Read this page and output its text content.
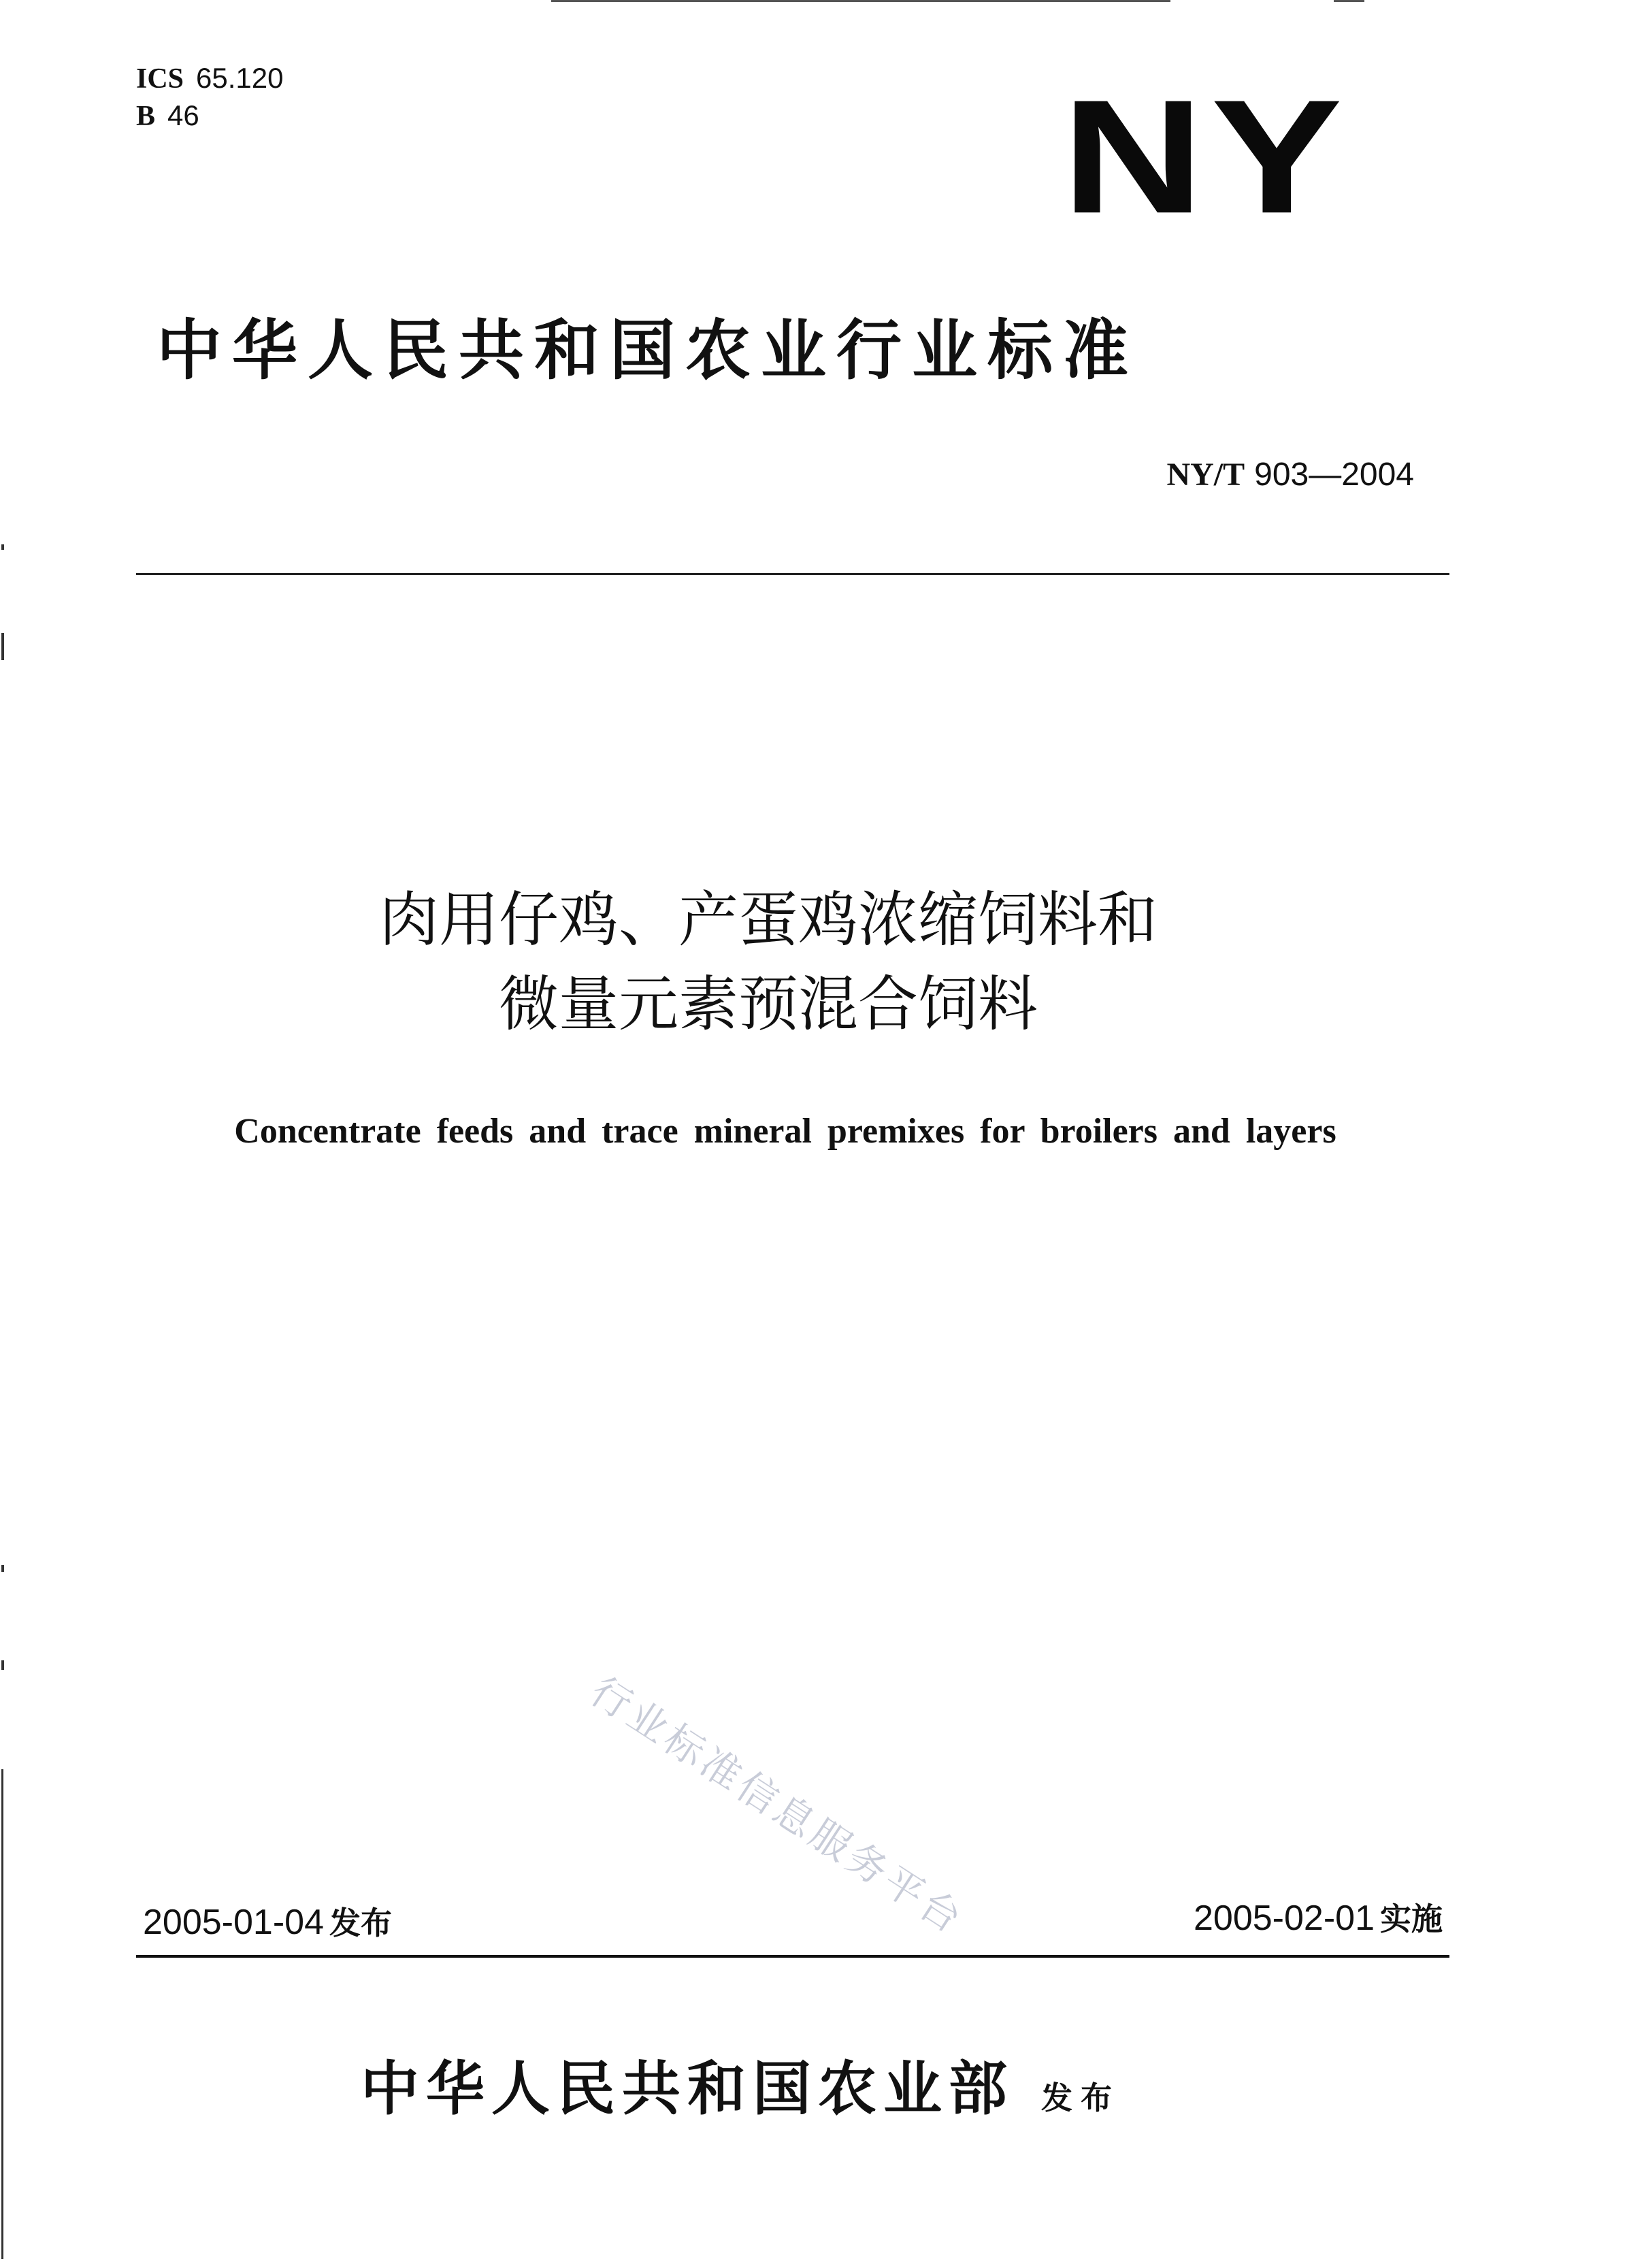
ICS 65.120
B 46	NY
中华人民共和国农业行业标准
NY/T 903—2004
肉用仔鸡、产蛋鸡浓缩饲料和
微量元素预混合饲料
Concentrate feeds and trace mineral premixes for broilers and layers
行业标准信息服务平台
2005-01-04 发布	2005-02-01 实施
中华人民共和国农业部 发布
